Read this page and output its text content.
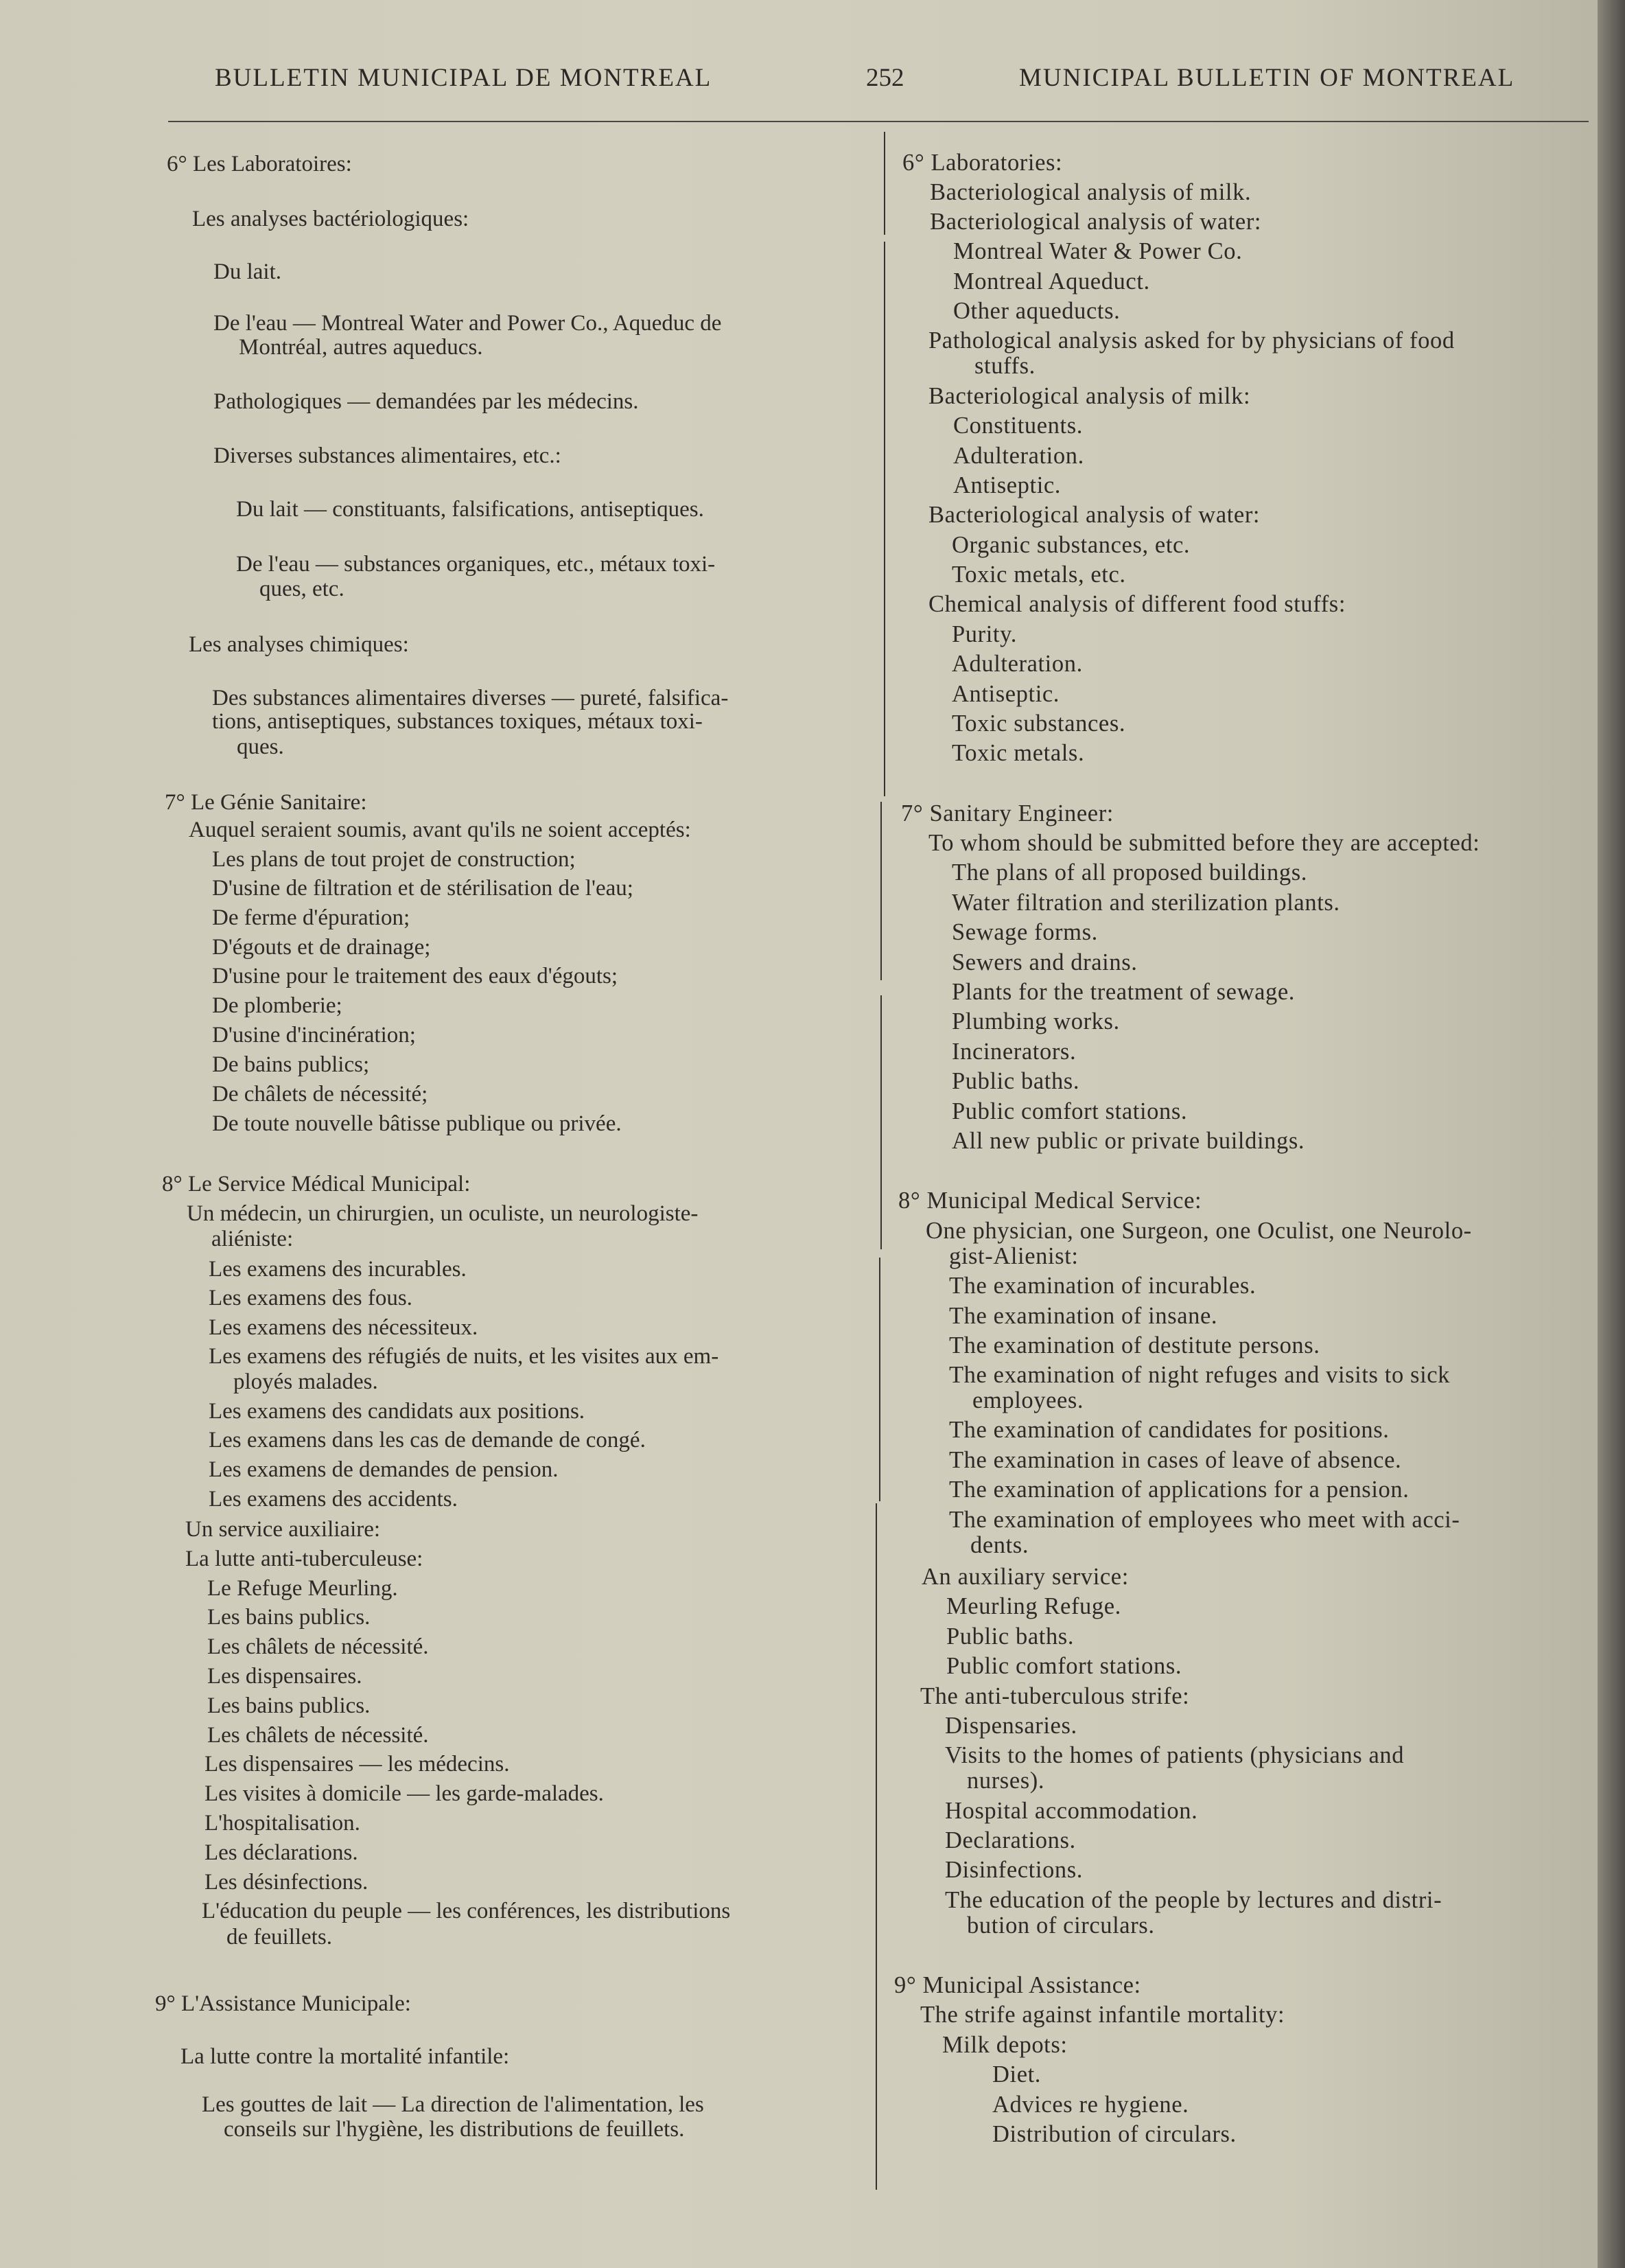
BULLETIN MUNICIPAL DE MONTREAL	252	MUNICIPAL BULLETIN OF MONTREAL
6° Les Laboratoires:
Les analyses bactériologiques:
Du lait.
De l'eau — Montreal Water and Power Co., Aqueduc de
Montréal, autres aqueducs.
Pathologiques — demandées par les médecins.
Diverses substances alimentaires, etc.:
Du lait — constituants, falsifications, antiseptiques.
De l'eau — substances organiques, etc., métaux toxi-
ques, etc.
Les analyses chimiques:
Des substances alimentaires diverses — pureté, falsifica-
tions, antiseptiques, substances toxiques, métaux toxi-
ques.
7° Le Génie Sanitaire:
Auquel seraient soumis, avant qu'ils ne soient acceptés:
Les plans de tout projet de construction;
D'usine de filtration et de stérilisation de l'eau;
De ferme d'épuration;
D'égouts et de drainage;
D'usine pour le traitement des eaux d'égouts;
De plomberie;
D'usine d'incinération;
De bains publics;
De châlets de nécessité;
De toute nouvelle bâtisse publique ou privée.
8° Le Service Médical Municipal:
Un médecin, un chirurgien, un oculiste, un neurologiste-
aliéniste:
Les examens des incurables.
Les examens des fous.
Les examens des nécessiteux.
Les examens des réfugiés de nuits, et les visites aux em-
ployés malades.
Les examens des candidats aux positions.
Les examens dans les cas de demande de congé.
Les examens de demandes de pension.
Les examens des accidents.
Un service auxiliaire:
La lutte anti-tuberculeuse:
Le Refuge Meurling.
Les bains publics.
Les châlets de nécessité.
Les dispensaires.
Les bains publics.
Les châlets de nécessité.
Les dispensaires — les médecins.
Les visites à domicile — les garde-malades.
L'hospitalisation.
Les déclarations.
Les désinfections.
L'éducation du peuple — les conférences, les distributions
de feuillets.
9° L'Assistance Municipale:
La lutte contre la mortalité infantile:
Les gouttes de lait — La direction de l'alimentation, les
conseils sur l'hygiène, les distributions de feuillets.
6° Laboratories:
Bacteriological analysis of milk.
Bacteriological analysis of water:
Montreal Water & Power Co.
Montreal Aqueduct.
Other aqueducts.
Pathological analysis asked for by physicians of food
stuffs.
Bacteriological analysis of milk:
Constituents.
Adulteration.
Antiseptic.
Bacteriological analysis of water:
Organic substances, etc.
Toxic metals, etc.
Chemical analysis of different food stuffs:
Purity.
Adulteration.
Antiseptic.
Toxic substances.
Toxic metals.
7° Sanitary Engineer:
To whom should be submitted before they are accepted:
The plans of all proposed buildings.
Water filtration and sterilization plants.
Sewage forms.
Sewers and drains.
Plants for the treatment of sewage.
Plumbing works.
Incinerators.
Public baths.
Public comfort stations.
All new public or private buildings.
8° Municipal Medical Service:
One physician, one Surgeon, one Oculist, one Neurolo-
gist-Alienist:
The examination of incurables.
The examination of insane.
The examination of destitute persons.
The examination of night refuges and visits to sick
employees.
The examination of candidates for positions.
The examination in cases of leave of absence.
The examination of applications for a pension.
The examination of employees who meet with acci-
dents.
An auxiliary service:
Meurling Refuge.
Public baths.
Public comfort stations.
The anti-tuberculous strife:
Dispensaries.
Visits to the homes of patients (physicians and
nurses).
Hospital accommodation.
Declarations.
Disinfections.
The education of the people by lectures and distri-
bution of circulars.
9° Municipal Assistance:
The strife against infantile mortality:
Milk depots:
Diet.
Advices re hygiene.
Distribution of circulars.
